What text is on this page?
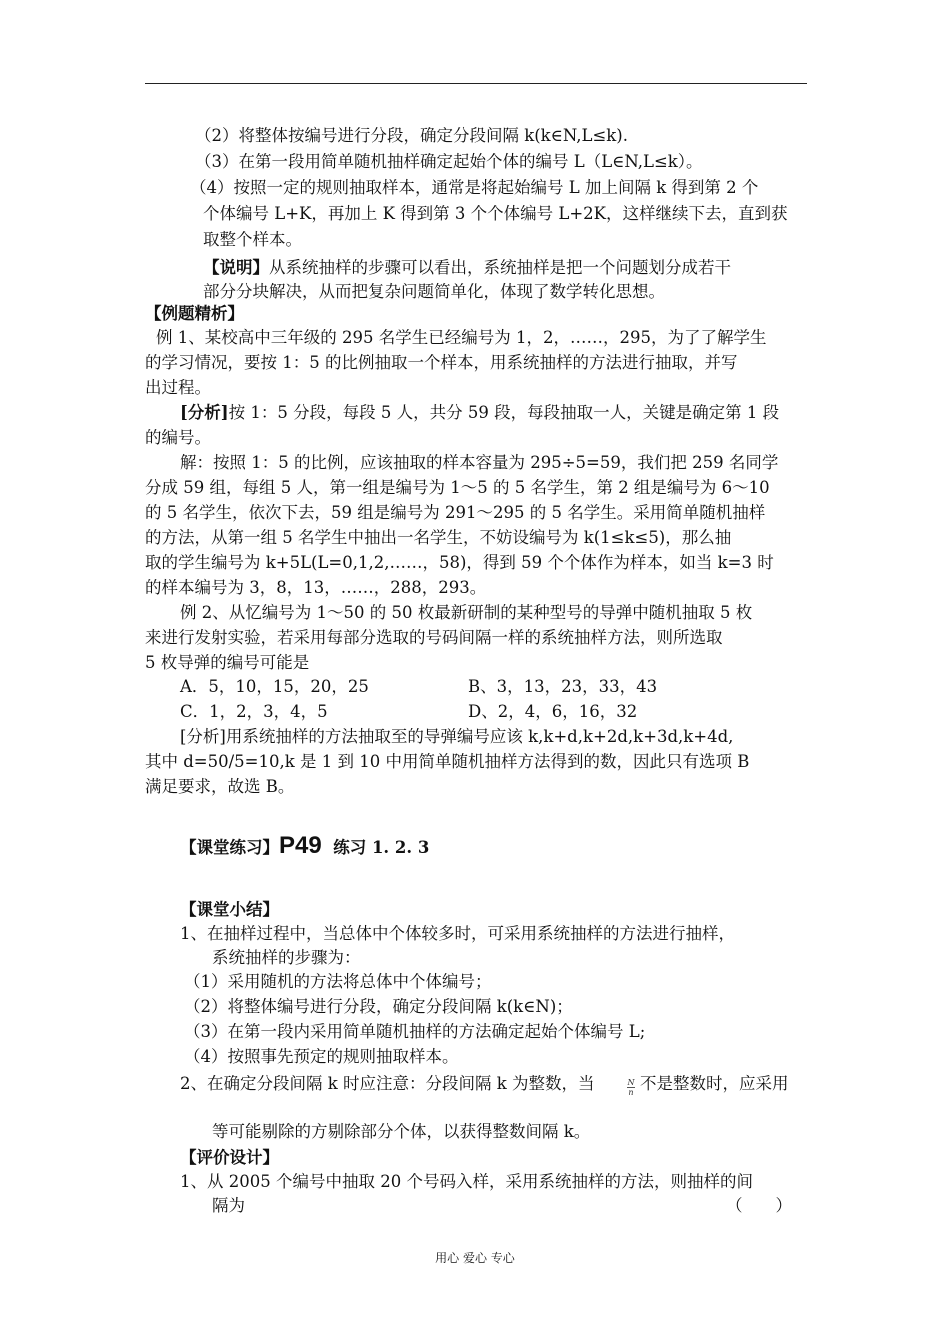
（2）将整体按编号进行分段，确定分段间隔 k(k∈N,L≤k).
（3）在第一段用简单随机抽样确定起始个体的编号 L（L∈N,L≤k）。
（4）按照一定的规则抽取样本，通常是将起始编号 L 加上间隔 k 得到第 2 个
个体编号 L+K，再加上 K 得到第 3 个个体编号 L+2K，这样继续下去，直到获
取整个样本。
【说明】从系统抽样的步骤可以看出，系统抽样是把一个问题划分成若干
部分分块解决，从而把复杂问题简单化，体现了数学转化思想。
【例题精析】
例 1、某校高中三年级的 295 名学生已经编号为 1，2，……，295，为了了解学生
的学习情况，要按 1：5 的比例抽取一个样本，用系统抽样的方法进行抽取，并写
出过程。
[分析]按 1：5 分段，每段 5 人，共分 59 段，每段抽取一人，关键是确定第 1 段
的编号。
解：按照 1：5 的比例，应该抽取的样本容量为 295÷5=59，我们把 259 名同学
分成 59 组，每组 5 人，第一组是编号为 1～5 的 5 名学生，第 2 组是编号为 6～10
的 5 名学生，依次下去，59 组是编号为 291～295 的 5 名学生。采用简单随机抽样
的方法，从第一组 5 名学生中抽出一名学生，不妨设编号为 k(1≤k≤5)，那么抽
取的学生编号为 k+5L(L=0,1,2,……，58)，得到 59 个个体作为样本，如当 k=3 时
的样本编号为 3，8，13，……，288，293。
例 2、从忆编号为 1～50 的 50 枚最新研制的某种型号的导弹中随机抽取 5 枚
来进行发射实验，若采用每部分选取的号码间隔一样的系统抽样方法，则所选取
5 枚导弹的编号可能是
A．5，10，15，20，25	B、3，13，23，33，43
C．1，2，3，4，5	D、2，4，6，16，32
[分析]用系统抽样的方法抽取至的导弹编号应该 k,k+d,k+2d,k+3d,k+4d,
其中 d=50/5=10,k 是 1 到 10 中用简单随机抽样方法得到的数，因此只有选项 B
满足要求，故选 B。
【课堂练习】P49 练习 1. 2. 3
【课堂小结】
1、在抽样过程中，当总体中个体较多时，可采用系统抽样的方法进行抽样，
系统抽样的步骤为：
（1）采用随机的方法将总体中个体编号；
（2）将整体编号进行分段，确定分段间隔 k(k∈N)；
（3）在第一段内采用简单随机抽样的方法确定起始个体编号 L;
（4）按照事先预定的规则抽取样本。
2、在确定分段间隔 k 时应注意：分段间隔 k 为整数，当	N
n 不是整数时，应采用
等可能剔除的方剔除部分个体，以获得整数间隔 k。
【评价设计】
1、从 2005 个编号中抽取 20 个号码入样，采用系统抽样的方法，则抽样的间
隔为	（　　）
用心 爱心 专心
